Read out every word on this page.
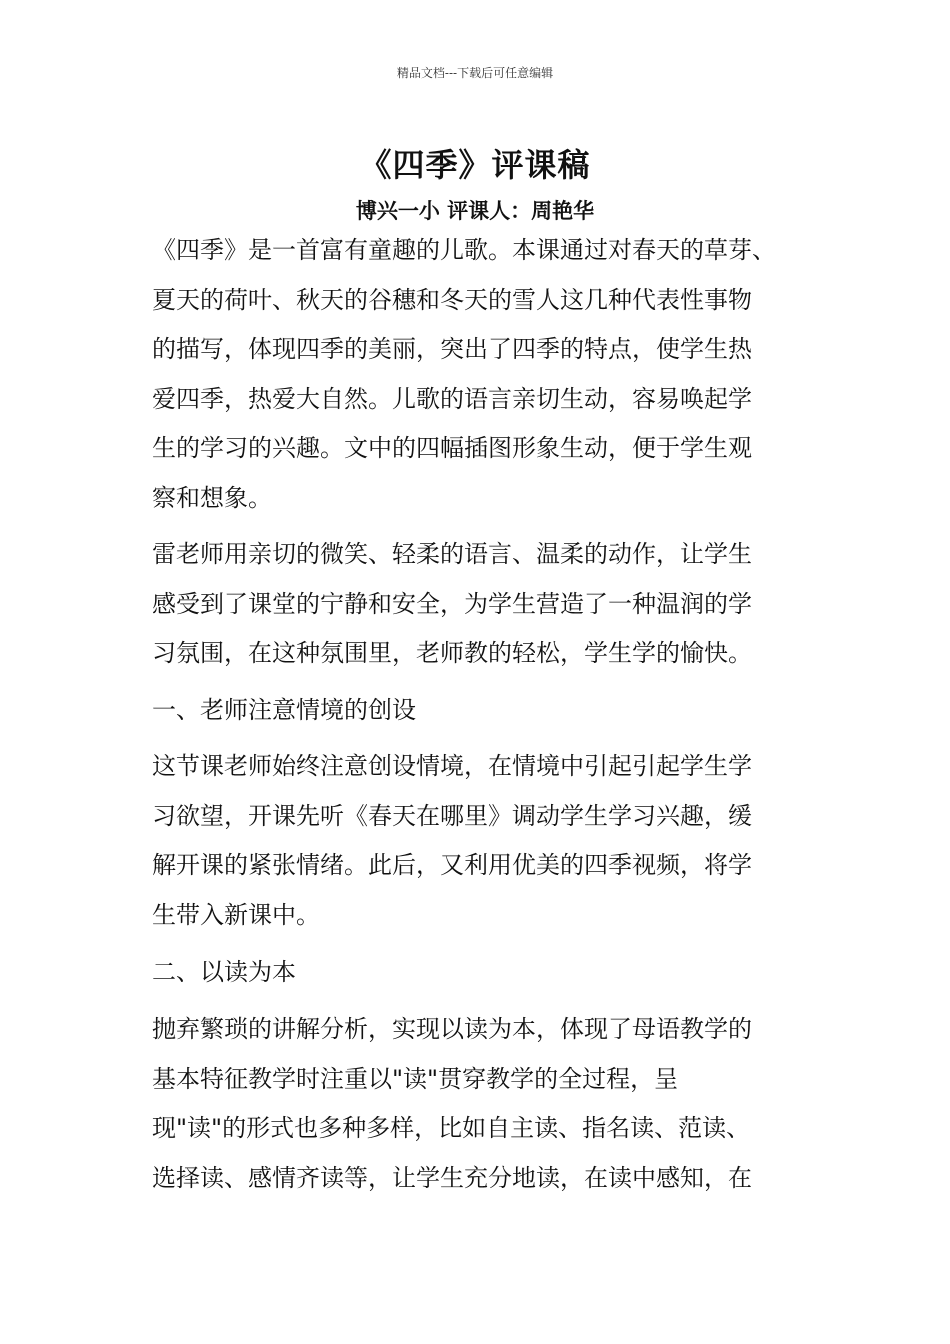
精品文档---下载后可任意编辑
《四季》评课稿
博兴一小 评课人：周艳华
《四季》是一首富有童趣的儿歌。本课通过对春天的草芽、
夏天的荷叶、秋天的谷穗和冬天的雪人这几种代表性事物
的描写，体现四季的美丽，突出了四季的特点，使学生热
爱四季，热爱大自然。儿歌的语言亲切生动，容易唤起学
生的学习的兴趣。文中的四幅插图形象生动，便于学生观
察和想象。
雷老师用亲切的微笑、轻柔的语言、温柔的动作，让学生
感受到了课堂的宁静和安全，为学生营造了一种温润的学
习氛围，在这种氛围里，老师教的轻松，学生学的愉快。
一、老师注意情境的创设
这节课老师始终注意创设情境，在情境中引起引起学生学
习欲望，开课先听《春天在哪里》调动学生学习兴趣，缓
解开课的紧张情绪。此后，又利用优美的四季视频，将学
生带入新课中。
二、以读为本
抛弃繁琐的讲解分析，实现以读为本，体现了母语教学的
基本特征教学时注重以"读"贯穿教学的全过程，呈
现"读"的形式也多种多样，比如自主读、指名读、范读、
选择读、感情齐读等，让学生充分地读，在读中感知，在
